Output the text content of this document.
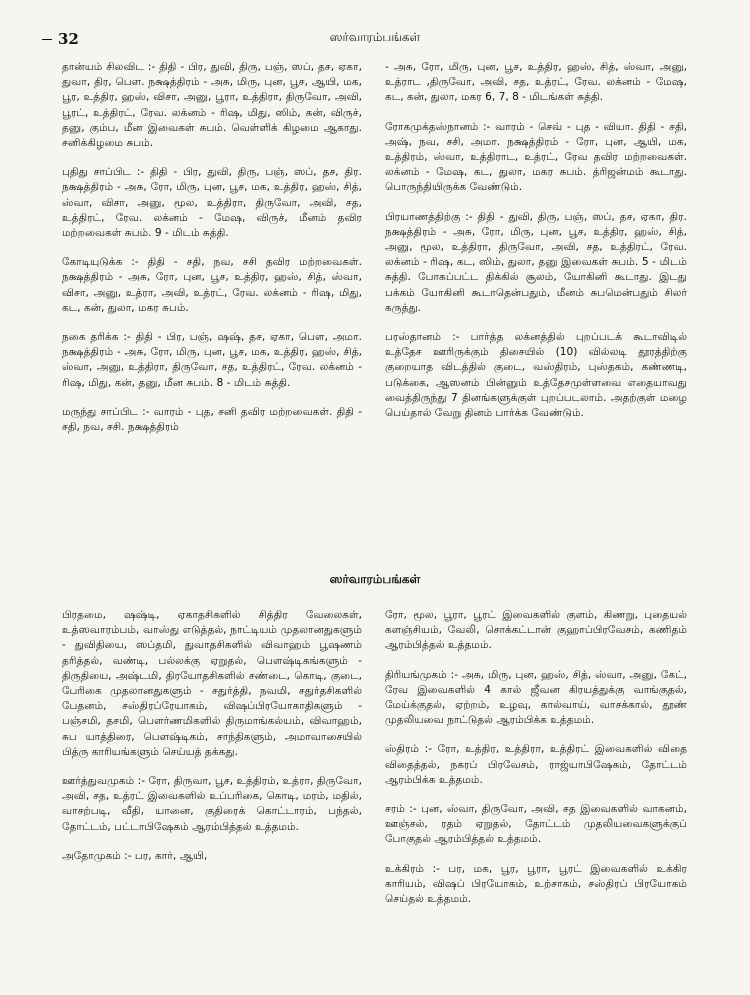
32	ஸர்வாரம்பங்கள்

தான்யம் சிலவிட :- திதி - பிர, துவி, திரு, பஞ், ஸப், தச, ஏகா, துவா, திர, பௌ. நக்ஷத்திரம் - அசு, மிரு, புன, பூச, ஆயி, மக, பூர, உத்திர, ஹஸ், விசா, அனு, பூரா, உத்திரா, திருவோ, அவி, பூரட், உத்திரட், ரேவ. லக்னம் - ரிஷ, மிது, ஸிம், கன், விருச், தனு, கும்ப, மீன இவைகள் சுபம். வெள்ளிக் கிழமை ஆகாது. சனிக்கிழமை சுபம்.

புதிது சாப்பிட :- திதி - பிர, துவி, திரு, பஞ், ஸப், தச, திர. நக்ஷத்திரம் - அசு, ரோ, மிரு, புன, பூச, மக, உத்திர, ஹஸ், சித், ஸ்வா, விசா, அனு, மூல, உத்திரா, திருவோ, அவி, சத, உத்திரட், ரேவ. லக்னம் - மேஷ, விருச், மீனம் தவிர மற்றவைகள் சுபம். 9 - மிடம் சுத்தி.

கோடியுடுக்க :- திதி - சதி, நவ, சசி தவிர மற்றவைகள். நக்ஷத்திரம் - அசு, ரோ, புன, பூச, உத்திர, ஹஸ், சித், ஸ்வா, விசா, அனு, உத்ரா, அவி, உத்ரட், ரேவ. லக்னம் - ரிஷ, மிது, கட, கன், துலா, மகர சுபம்.

நகை தரிக்க :- திதி - பிர, பஞ், ஷஷ், தச, ஏகா, பௌ, அமா. நக்ஷத்திரம் - அசு, ரோ, மிரு, புன, பூச, மக, உத்திர, ஹஸ், சித், ஸ்வா, அனு, உத்திரா, திருவோ, சத, உத்திரட், ரேவ. லக்னம் - ரிஷ, மிது, கன், தனு, மீன சுபம். 8 - மிடம் சுத்தி.

மருந்து சாப்பிட :- வாரம் - புத, சனி தவிர மற்றவைகள். திதி - சதி, நவ, சசி. நக்ஷத்திரம்

- அசு, ரோ, மிரு, புன, பூச, உத்திர, ஹஸ், சித், ஸ்வா, அனு, உத்ராட ,திருவோ, அவி, சத, உத்ரட், ரேவ. லக்னம் - மேஷ, கட, கன், துலா, மகர 6, 7, 8 - மிடங்கள் சுத்தி.

ரோகமுக்தஸ்நானம் :- வாரம் - செவ் - புத - வியா. திதி - சதி, அஷ், நவ, சசி, அமா. நக்ஷத்திரம் - ரோ, புன, ஆயி, மக, உத்திரம், ஸ்வா, உத்திராட, உத்ரட், ரேவ தவிர மற்றவைகள். லக்னம் - மேஷ, கட, துலா, மகர சுபம். த்ரிஜன்மம் கூடாது. பொருந்தியிருக்க வேண்டும்.

பிரயாணத்திற்கு :- திதி - துவி, திரு, பஞ், ஸப், தச, ஏகா, திர. நக்ஷத்திரம் - அசு, ரோ, மிரு, புன, பூச, உத்திர, ஹஸ், சித், அனு, மூல, உத்திரா, திருவோ, அவி, சத, உத்திரட், ரேவ. லக்னம் - ரிஷ, கட, ஸிம், துலா, தனு இவைகள் சுபம். 5 - மிடம் சுத்தி. போகப்பட்ட திக்கில் சூலம், யோகினி கூடாது. இடது பக்கம் யோகினி கூடாதென்பதும், மீனம் சுபமென்பதும் சிலர் கருத்து.

பரஸ்தானம் :- பார்த்த லக்னத்தில் புறப்படக் கூடாவிடில் உத்தேச ஊரிருக்கும் திசையில் (10) வில்லடி தூரத்திற்கு குறையாத விடத்தில் குடை, வஸ்திரம், புஸ்தகம், கண்ணடி, படுக்கை, ஆஸனம் பின்னும் உத்தேசமுள்ளவை எதையாவது வைத்திருந்து 7 தினங்களுக்குள் புறப்படலாம். அதற்குள் மழை பெய்தால் வேறு தினம் பார்க்க வேண்டும்.

ஸர்வாரம்பங்கள்

பிரதமை, ஷஷ்டி, ஏகாதசிகளில் சித்திர வேலைகள், உத்ஸவாரம்பம், வாஸ்து எடுத்தல், நாட்டியம் முதலானதுகளும் - துவிதியை, ஸப்தமி, துவாதசிகளில் விவாஹம் பூஷணம் தரித்தல், வண்டி, பல்லக்கு ஏறுதல், பௌஷ்டிகங்களும் - திருதியை, அஷ்டமி, திரயோதசிகளில் சண்டை, கொடி, குடை, பேரிகை முதலானதுகளும் - சதுர்த்தி, நவமி, சதுர்தசிகளில் பேதனம், சஸ்திரப்ரேயாகம், விஷப்பிரயோகாதிகளும் - பஞ்சமி, தசமி, பௌர்ணமிகளில் திருமாங்கல்யம், விவாஹம், சுப யாத்திரை, பௌஷ்டிகம், சாந்திகளும், அமாவாசையில் பித்ரு காரியங்களும் செய்யத் தக்கது.

ஊர்த்துவமுகம் :- ரோ, திருவா, பூச, உத்திரம், உத்ரா, திருவோ, அவி, சத, உத்ரட் இவைகளில் உப்பரிகை, கொடி, மரம், மதில், வாசற்படி, வீதி, யானை, குதிரைக் கொட்டாரம், பந்தல், தோட்டம், பட்டாபிஷேகம் ஆரம்பித்தல் உத்தமம்.

அதோமுகம் :- பர, கார், ஆயி,

ரோ, மூல, பூரா, பூரட் இவைகளில் குளம், கிணறு, புதையல் களஞ்சியம், வேலி, சொக்கட்டான் குஹாப்பிரவேசம், கணிதம் ஆரம்பித்தல் உத்தமம்.

திரியங்முகம் :- அசு, மிரு, புன, ஹஸ், சித், ஸ்வா, அனு, கேட், ரேவ இவைகளில் 4 கால் ஜீவன கிரயத்துக்கு வாங்குதல், மேய்க்குதல், ஏற்றம், உழவு, கால்வாய், வாசக்கால், தூண் முதலியவை நாட்டுதல் ஆரம்பிக்க உத்தமம்.

ஸ்திரம் :- ரோ, உத்திர, உத்திரா, உத்திரட் இவைகளில் விதை விதைத்தல், நகரப் பிரவேசம், ராஜ்யாபிஷேகம், தோட்டம் ஆரம்பிக்க உத்தமம்.

சரம் :- புன, ஸ்வா, திருவோ, அவி, சத இவைகளில் வாகனம், ஊஞ்சல், ரதம் ஏறுதல், தோட்டம் முதலியவைகளுக்குப் போகுதல் ஆரம்பித்தல் உத்தமம்.

உக்கிரம் :- பர, மக, பூர, பூரா, பூரட் இவைகளில் உக்கிர காரியம், விஷப் பிரயோகம், உற்சாகம், சஸ்திரப் பிரயோகம் செய்தல் உத்தமம்.
